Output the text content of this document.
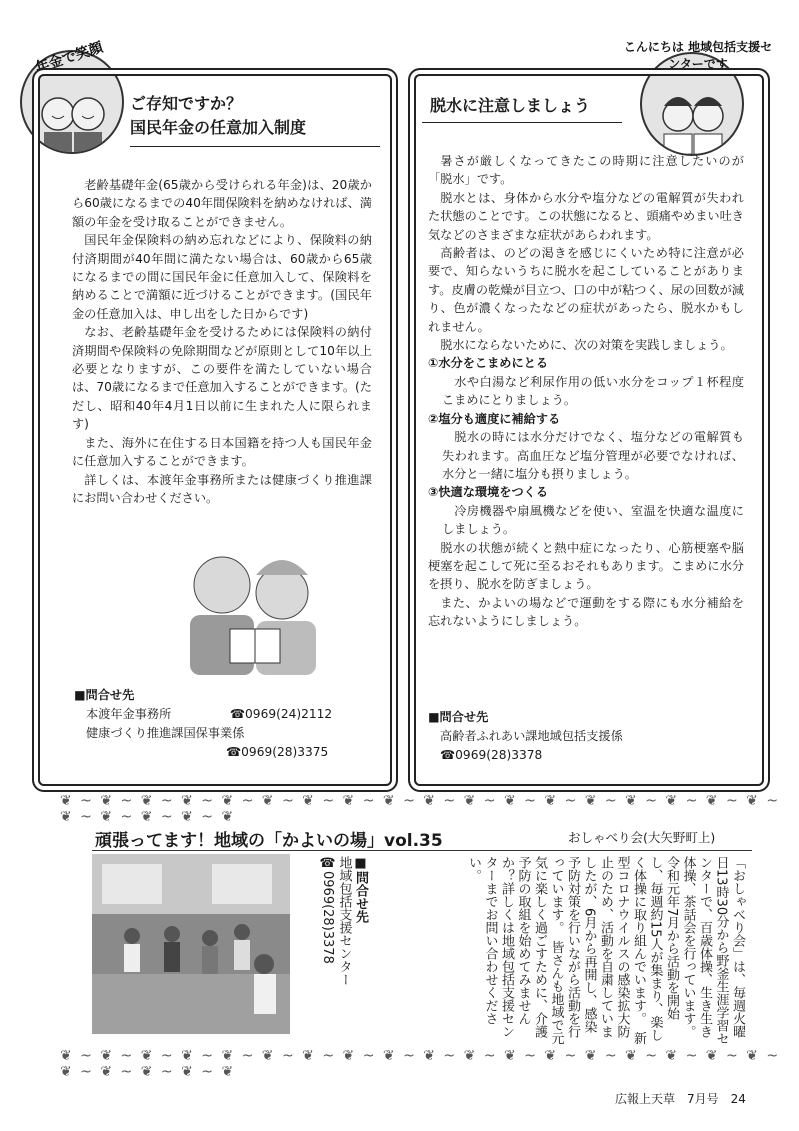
年金で笑顔	こんにちは 地域包括支援センターです
ご存知ですか？
国民年金の任意加入制度

老齢基礎年金(65歳から受けられる年金)は、20歳から60歳になるまでの40年間保険料を納めなければ、満額の年金を受け取ることができません。

国民年金保険料の納め忘れなどにより、保険料の納付済期間が40年間に満たない場合は、60歳から65歳になるまでの間に国民年金に任意加入して、保険料を納めることで満額に近づけることができます。(国民年金の任意加入は、申し出をした日からです)

なお、老齢基礎年金を受けるためには保険料の納付済期間や保険料の免除期間などが原則として10年以上必要となりますが、この要件を満たしていない場合は、70歳になるまで任意加入することができます。(ただし、昭和40年4月1日以前に生まれた人に限られます)

また、海外に在住する日本国籍を持つ人も国民年金に任意加入することができます。

詳しくは、本渡年金事務所または健康づくり推進課にお問い合わせください。

■問合せ先
本渡年金事務所	☎0969(24)2112
健康づくり推進課国保事業係
☎0969(28)3375
脱水に注意しましょう

暑さが厳しくなってきたこの時期に注意したいのが「脱水」です。

脱水とは、身体から水分や塩分などの電解質が失われた状態のことです。この状態になると、頭痛やめまい吐き気などのさまざまな症状があらわれます。

高齢者は、のどの渇きを感じにくいため特に注意が必要で、知らないうちに脱水を起こしていることがあります。皮膚の乾燥が目立つ、口の中が粘つく、尿の回数が減り、色が濃くなったなどの症状があったら、脱水かもしれません。

脱水にならないために、次の対策を実践しましょう。

①水分をこまめにとる

水や白湯など利尿作用の低い水分をコップ１杯程度こまめにとりましょう。

②塩分も適度に補給する

脱水の時には水分だけでなく、塩分などの電解質も失われます。高血圧など塩分管理が必要でなければ、水分と一緒に塩分も摂りましょう。

③快適な環境をつくる

冷房機器や扇風機などを使い、室温を快適な温度にしましょう。

脱水の状態が続くと熱中症になったり、心筋梗塞や脳梗塞を起こして死に至るおそれもあります。こまめに水分を摂り、脱水を防ぎましょう。

また、かよいの場などで運動をする際にも水分補給を忘れないようにしましょう。

■問合せ先
高齢者ふれあい課地域包括支援係
☎0969(28)3378
❦ ~ ❦ ~ ❦ ~ ❦ ~ ❦ ~ ❦ ~ ❦ ~ ❦ ~ ❦ ~ ❦ ~ ❦ ~ ❦ ~ ❦ ~ ❦ ~ ❦ ~ ❦ ~ ❦ ~ ❦ ~ ❦ ~ ❦ ~ ❦ ~ ❦ ~ ❦
❦ ~ ❦ ~ ❦ ~ ❦ ~ ❦ ~ ❦ ~ ❦ ~ ❦ ~ ❦ ~ ❦ ~ ❦ ~ ❦ ~ ❦ ~ ❦ ~ ❦ ~ ❦ ~ ❦ ~ ❦ ~ ❦ ~ ❦ ~ ❦ ~ ❦ ~ ❦
頑張ってます！地域の「かよいの場」vol.35	おしゃべり会(大矢野町上)
「おしゃべり会」は、毎週火曜日13時30分から野釜生涯学習センターで、百歳体操、生き生き体操、茶話会を行っています。　令和元年7月から活動を開始し、毎週約15人が集まり、楽しく体操に取り組んでいます。　新型コロナウイルスの感染拡大防止のため、活動を自粛していましたが、6月から再開し、感染予防対策を行いながら活動を行っています。　皆さんも地域で元気に楽しく過ごすために、介護予防の取組を始めてみませんか？詳しくは地域包括支援センターまでお問い合わせください。
■問合せ先
地域包括支援センター
☎0969(28)3378
広報上天草　7月号　24
